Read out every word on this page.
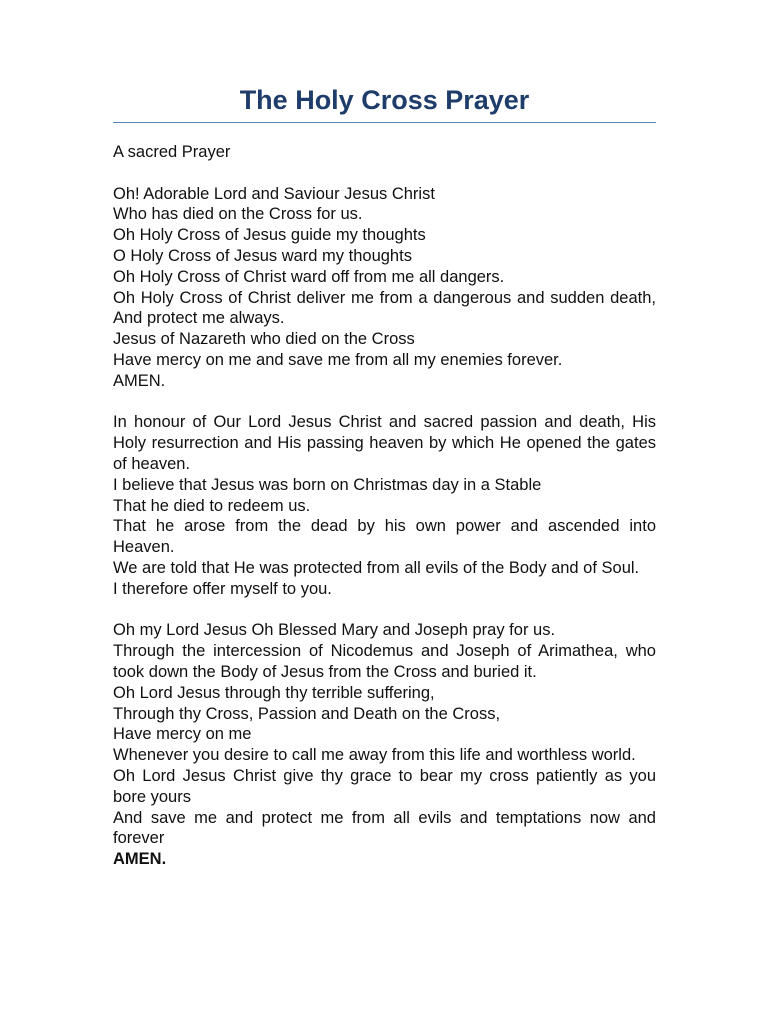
The Holy Cross Prayer

A sacred Prayer

Oh! Adorable Lord and Saviour Jesus Christ

Who has died on the Cross for us.

Oh Holy Cross of Jesus guide my thoughts

O Holy Cross of Jesus ward my thoughts

Oh Holy Cross of Christ ward off from me all dangers.

Oh Holy Cross of Christ deliver me from a dangerous and sudden death, And protect me always.

Jesus of Nazareth who died on the Cross

Have mercy on me and save me from all my enemies forever.

AMEN.

In honour of Our Lord Jesus Christ and sacred passion and death, His Holy resurrection and His passing heaven by which He opened the gates of heaven.

I believe that Jesus was born on Christmas day in a Stable

That he died to redeem us.

That he arose from the dead by his own power and ascended into Heaven.

We are told that He was protected from all evils of the Body and of Soul.

I therefore offer myself to you.

Oh my Lord Jesus Oh Blessed Mary and Joseph pray for us.

Through the intercession of Nicodemus and Joseph of Arimathea, who took down the Body of Jesus from the Cross and buried it.

Oh Lord Jesus through thy terrible suffering,

Through thy Cross, Passion and Death on the Cross,

Have mercy on me

Whenever you desire to call me away from this life and worthless world.

Oh Lord Jesus Christ give thy grace to bear my cross patiently as you bore yours

And save me and protect me from all evils and temptations now and forever

AMEN.
